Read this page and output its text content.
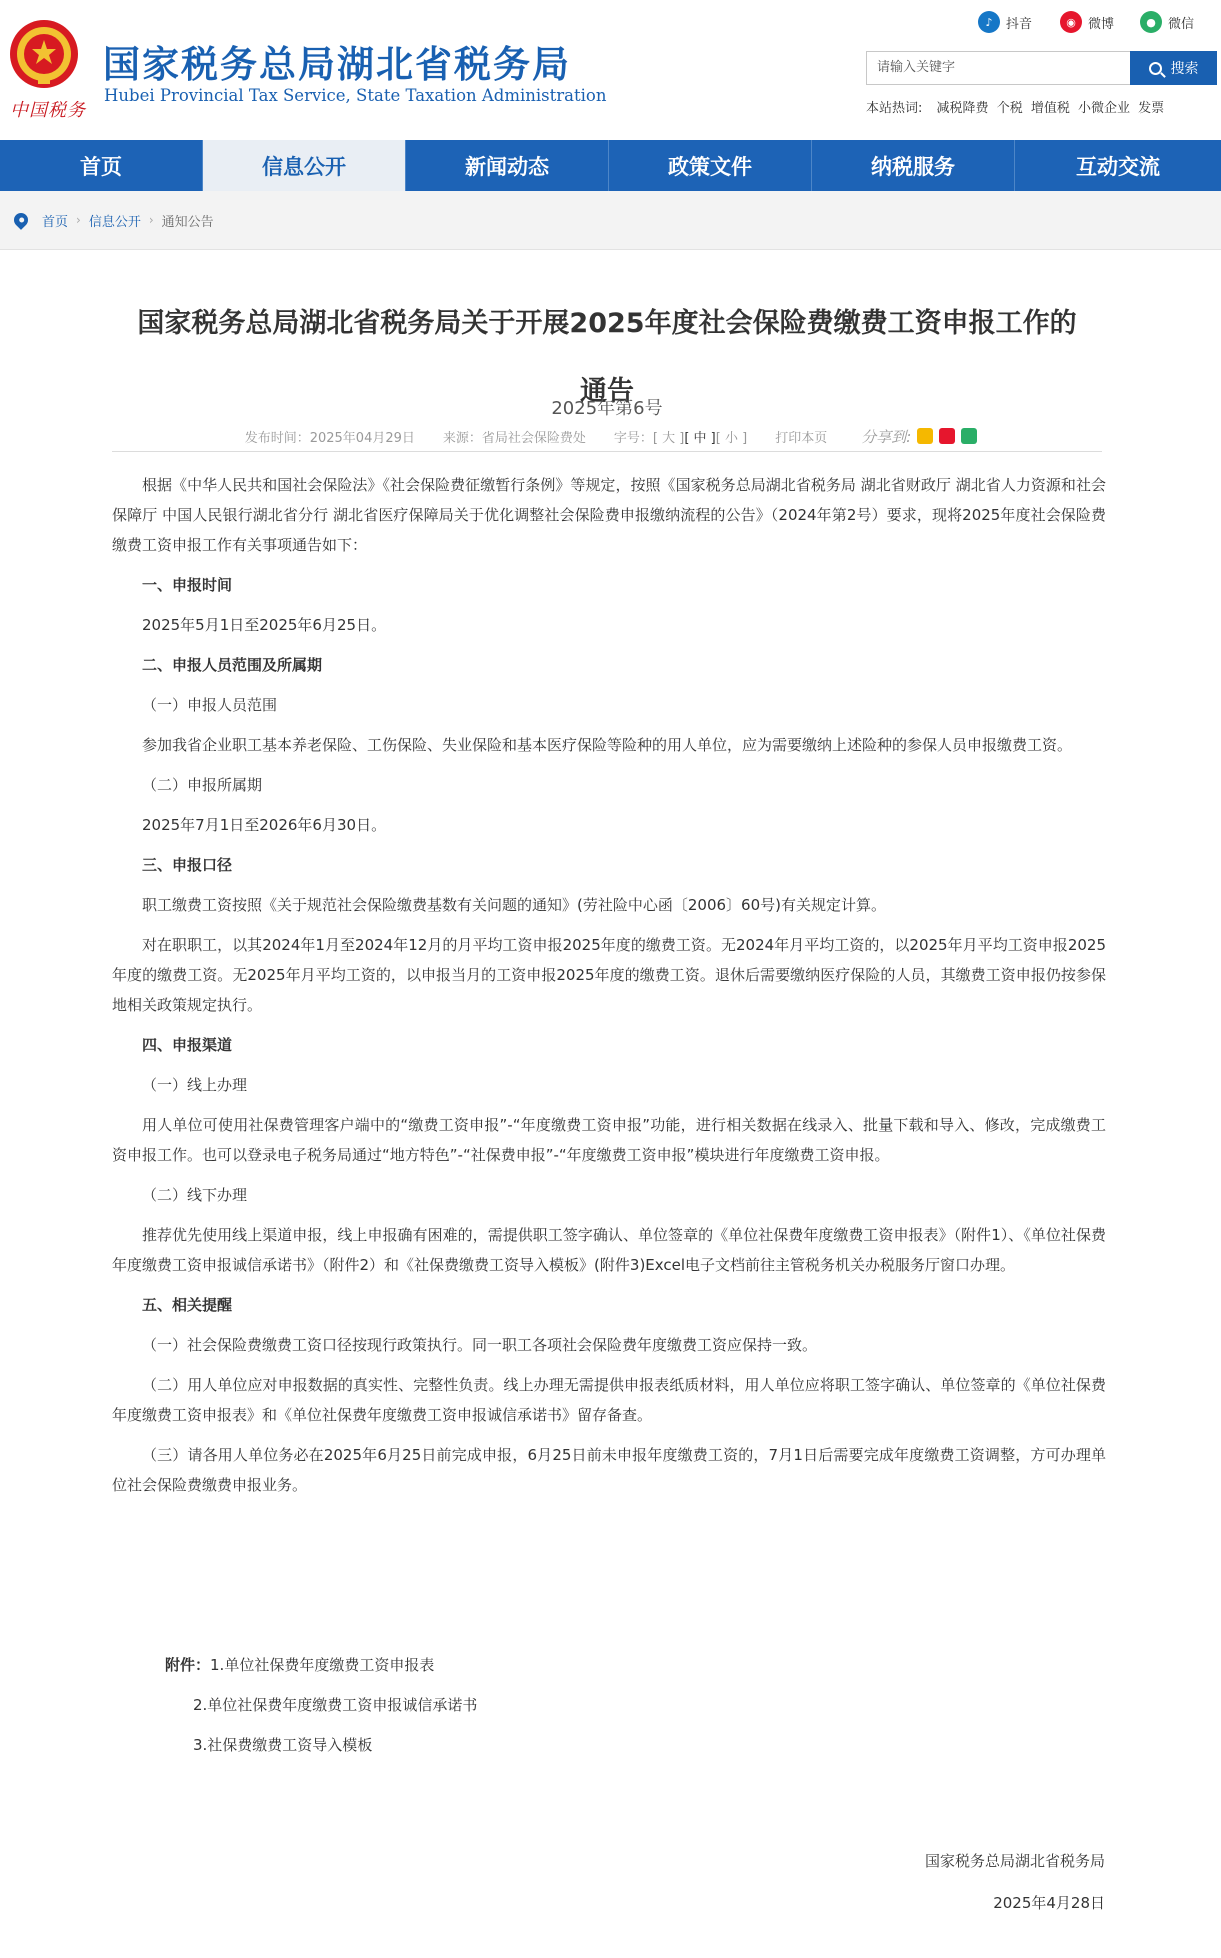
中国税务
国家税务总局湖北省税务局
Hubei Provincial Tax Service, State Taxation Administration
♪	抖音	◉ 微博	● 微信
请输入关键字	搜索
本站热词: 减税降费 个税 增值税 小微企业 发票
首页	信息公开	新闻动态	政策文件	纳税服务	互动交流
首页 › 信息公开 › 通知公告
国家税务总局湖北省税务局关于开展2025年度社会保险费缴费工资申报工作的
通告
2025年第6号
发布时间：2025年04月29日 来源：省局社会保险费处 字号：[ 大 ][ 中 ][ 小 ] 打印本页 分享到:

根据《中华人民共和国社会保险法》《社会保险费征缴暂行条例》等规定，按照《国家税务总局湖北省税务局 湖北省财政厅 湖北省人力资源和社会保障厅 中国人民银行湖北省分行 湖北省医疗保障局关于优化调整社会保险费申报缴纳流程的公告》（2024年第2号）要求，现将2025年度社会保险费缴费工资申报工作有关事项通告如下：

一、申报时间

2025年5月1日至2025年6月25日。

二、申报人员范围及所属期

（一）申报人员范围

参加我省企业职工基本养老保险、工伤保险、失业保险和基本医疗保险等险种的用人单位，应为需要缴纳上述险种的参保人员申报缴费工资。

（二）申报所属期

2025年7月1日至2026年6月30日。

三、申报口径

职工缴费工资按照《关于规范社会保险缴费基数有关问题的通知》(劳社险中心函〔2006〕60号)有关规定计算。

对在职职工，以其2024年1月至2024年12月的月平均工资申报2025年度的缴费工资。无2024年月平均工资的，以2025年月平均工资申报2025年度的缴费工资。无2025年月平均工资的，以申报当月的工资申报2025年度的缴费工资。退休后需要缴纳医疗保险的人员，其缴费工资申报仍按参保地相关政策规定执行。

四、申报渠道

（一）线上办理

用人单位可使用社保费管理客户端中的“缴费工资申报”-“年度缴费工资申报”功能，进行相关数据在线录入、批量下载和导入、修改，完成缴费工资申报工作。也可以登录电子税务局通过“地方特色”-“社保费申报”-“年度缴费工资申报”模块进行年度缴费工资申报。

（二）线下办理

推荐优先使用线上渠道申报，线上申报确有困难的，需提供职工签字确认、单位签章的《单位社保费年度缴费工资申报表》（附件1）、《单位社保费年度缴费工资申报诚信承诺书》（附件2）和《社保费缴费工资导入模板》(附件3)Excel电子文档前往主管税务机关办税服务厅窗口办理。

五、相关提醒

（一）社会保险费缴费工资口径按现行政策执行。同一职工各项社会保险费年度缴费工资应保持一致。

（二）用人单位应对申报数据的真实性、完整性负责。线上办理无需提供申报表纸质材料，用人单位应将职工签字确认、单位签章的《单位社保费年度缴费工资申报表》和《单位社保费年度缴费工资申报诚信承诺书》留存备查。

（三）请各用人单位务必在2025年6月25日前完成申报，6月25日前未申报年度缴费工资的，7月1日后需要完成年度缴费工资调整，方可办理单位社会保险费缴费申报业务。

附件：1.单位社保费年度缴费工资申报表
2.单位社保费年度缴费工资申报诚信承诺书
3.社保费缴费工资导入模板
国家税务总局湖北省税务局
2025年4月28日
